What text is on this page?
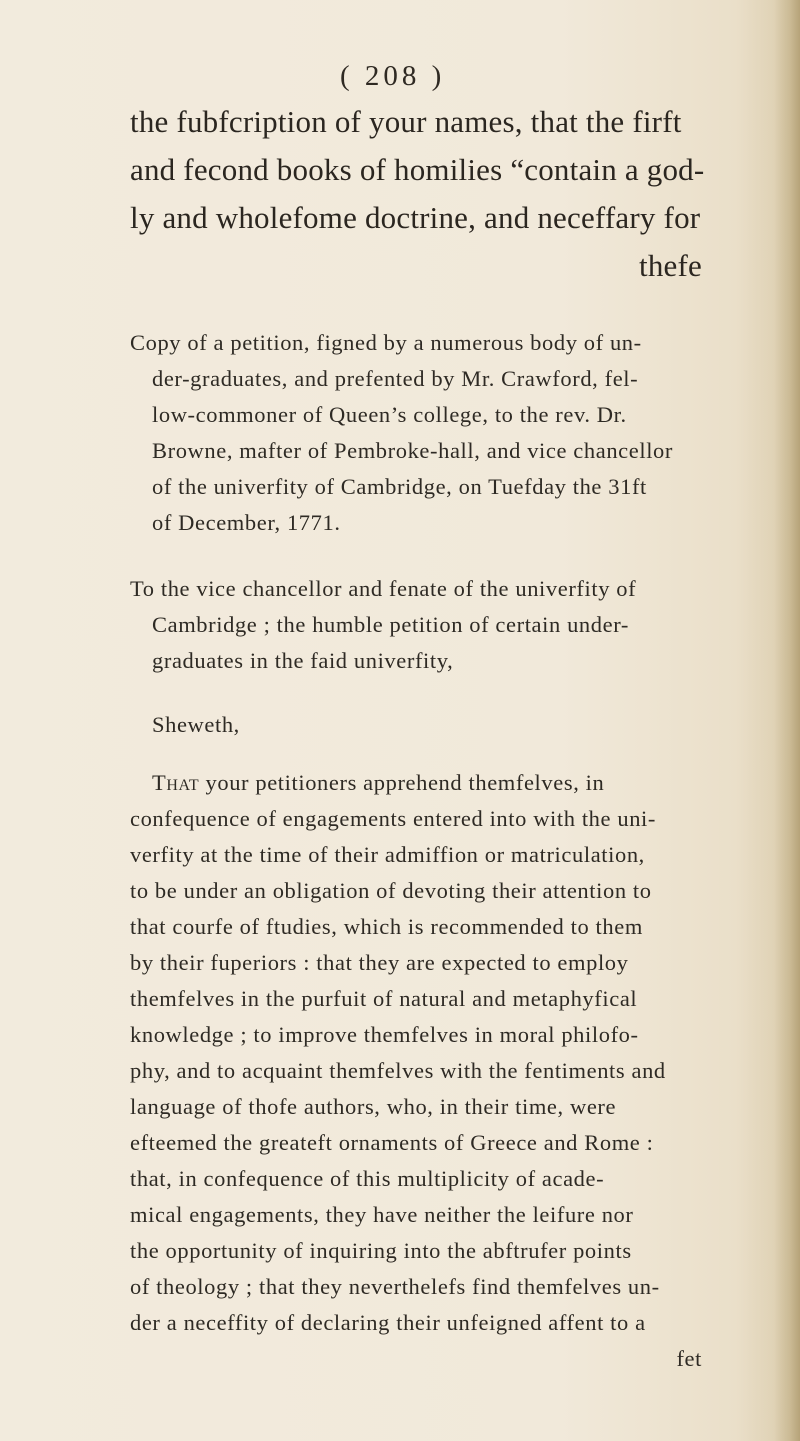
( 208 )
the fubfcription of your names, that the firft
and fecond books of homilies “contain a god-
ly and wholefome doctrine, and neceffary for
thefe
Copy of a petition, figned by a numerous body of un-
der-graduates, and prefented by Mr. Crawford, fel-
low-commoner of Queen’s college, to the rev. Dr.
Browne, mafter of Pembroke-hall, and vice chancellor
of the univerfity of Cambridge, on Tuefday the 31ft
of December, 1771.
To the vice chancellor and fenate of the univerfity of
Cambridge ; the humble petition of certain under-
graduates in the faid univerfity,
Sheweth,
That your petitioners apprehend themfelves, in
confequence of engagements entered into with the uni-
verfity at the time of their admiffion or matriculation,
to be under an obligation of devoting their attention to
that courfe of ftudies, which is recommended to them
by their fuperiors : that they are expected to employ
themfelves in the purfuit of natural and metaphyfical
knowledge ; to improve themfelves in moral philofo-
phy, and to acquaint themfelves with the fentiments and
language of thofe authors, who, in their time, were
efteemed the greateft ornaments of Greece and Rome :
that, in confequence of this multiplicity of acade-
mical engagements, they have neither the leifure nor
the opportunity of inquiring into the abftrufer points
of theology ; that they neverthelefs find themfelves un-
der a neceffity of declaring their unfeigned affent to a
fet
